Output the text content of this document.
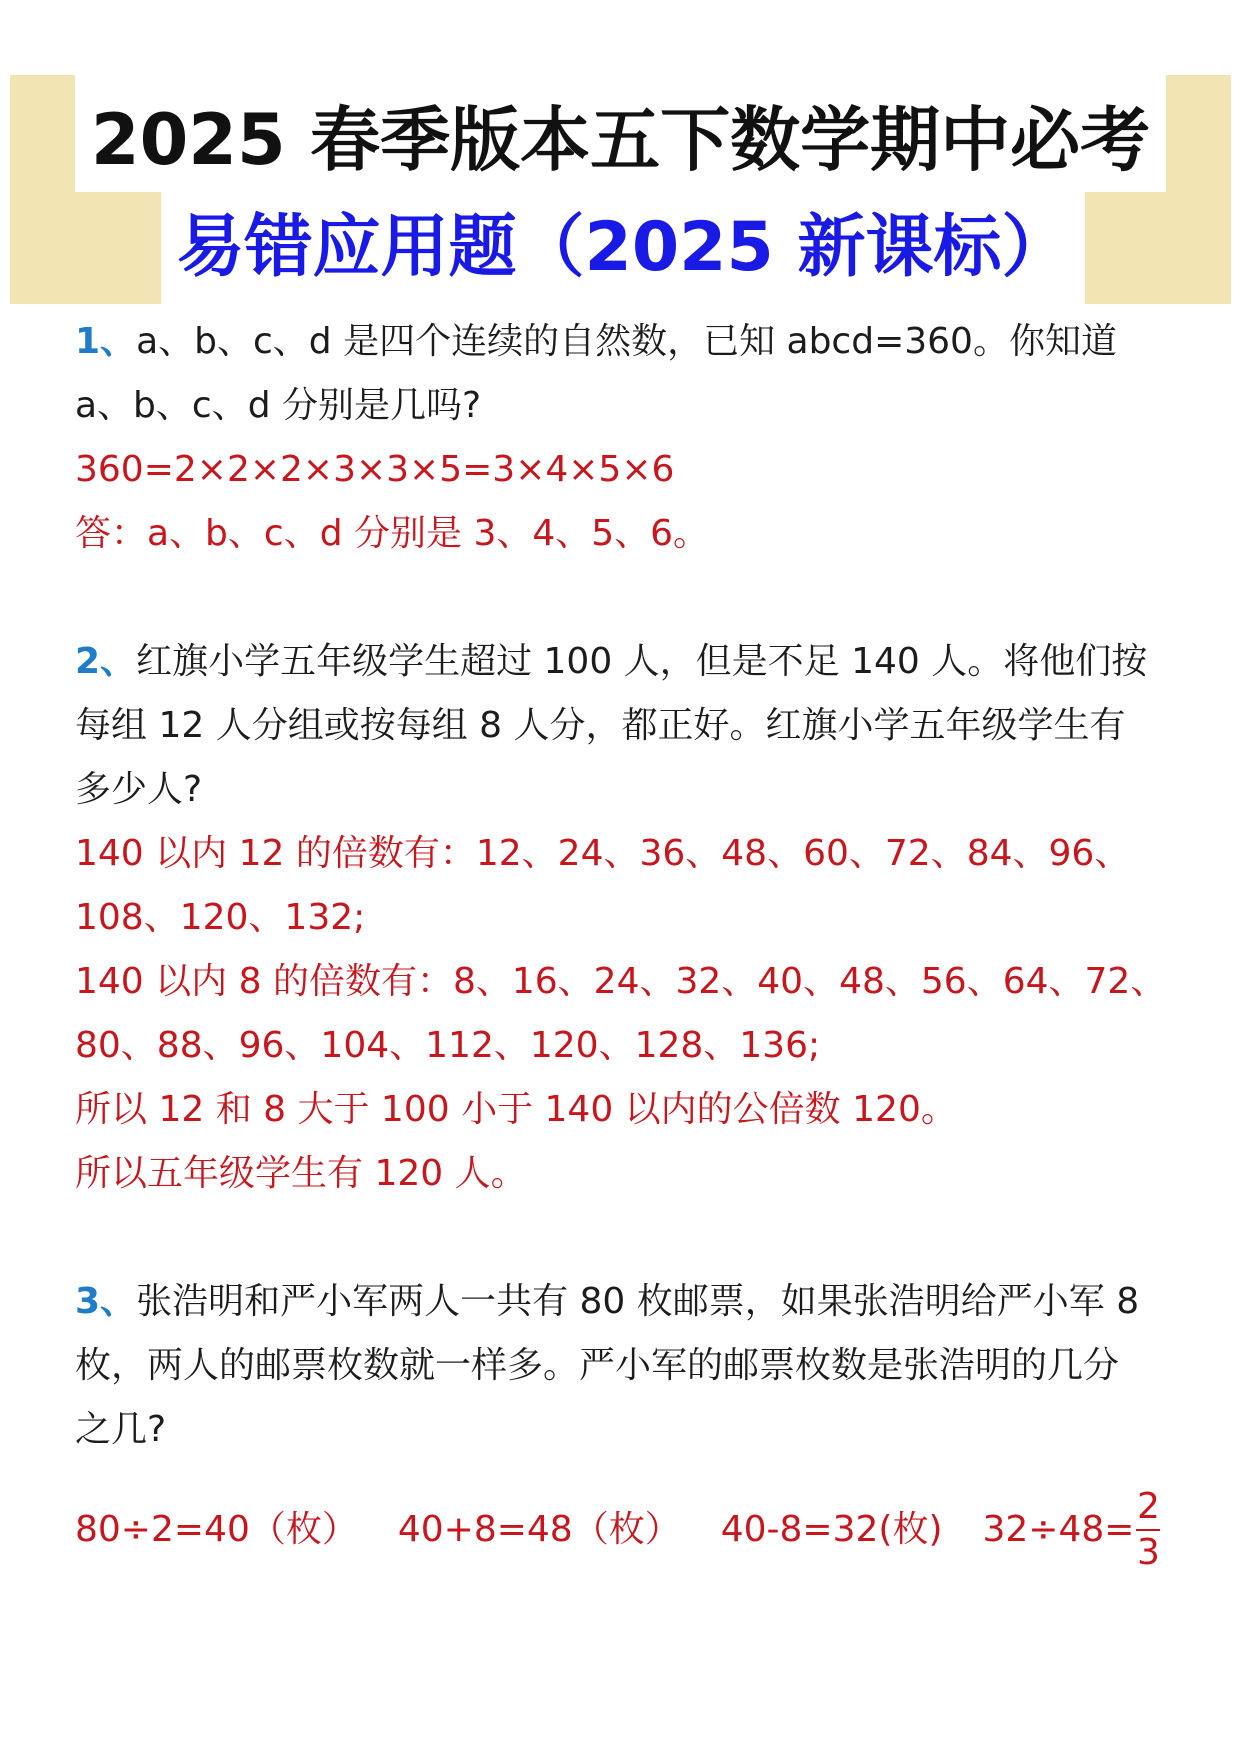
2025 春季版本五下数学期中必考
易错应用题（2025 新课标）

1、a、b、c、d 是四个连续的自然数，已知 abcd=360。你知道

a、b、c、d 分别是几吗?

360=2×2×2×3×3×5=3×4×5×6

答：a、b、c、d 分别是 3、4、5、6。

2、红旗小学五年级学生超过 100 人，但是不足 140 人。将他们按

每组 12 人分组或按每组 8 人分，都正好。红旗小学五年级学生有

多少人?

140 以内 12 的倍数有：12、24、36、48、60、72、84、96、

108、120、132;

140 以内 8 的倍数有：8、16、24、32、40、48、56、64、72、

80、88、96、104、112、120、128、136;

所以 12 和 8 大于 100 小于 140 以内的公倍数 120。

所以五年级学生有 120 人。

3、张浩明和严小军两人一共有 80 枚邮票，如果张浩明给严小军 8

枚，两人的邮票枚数就一样多。严小军的邮票枚数是张浩明的几分

之几?

80÷2=40（枚） 40+8=48（枚） 40-8=32(枚) $32\div 48= \frac{2}{3}$
